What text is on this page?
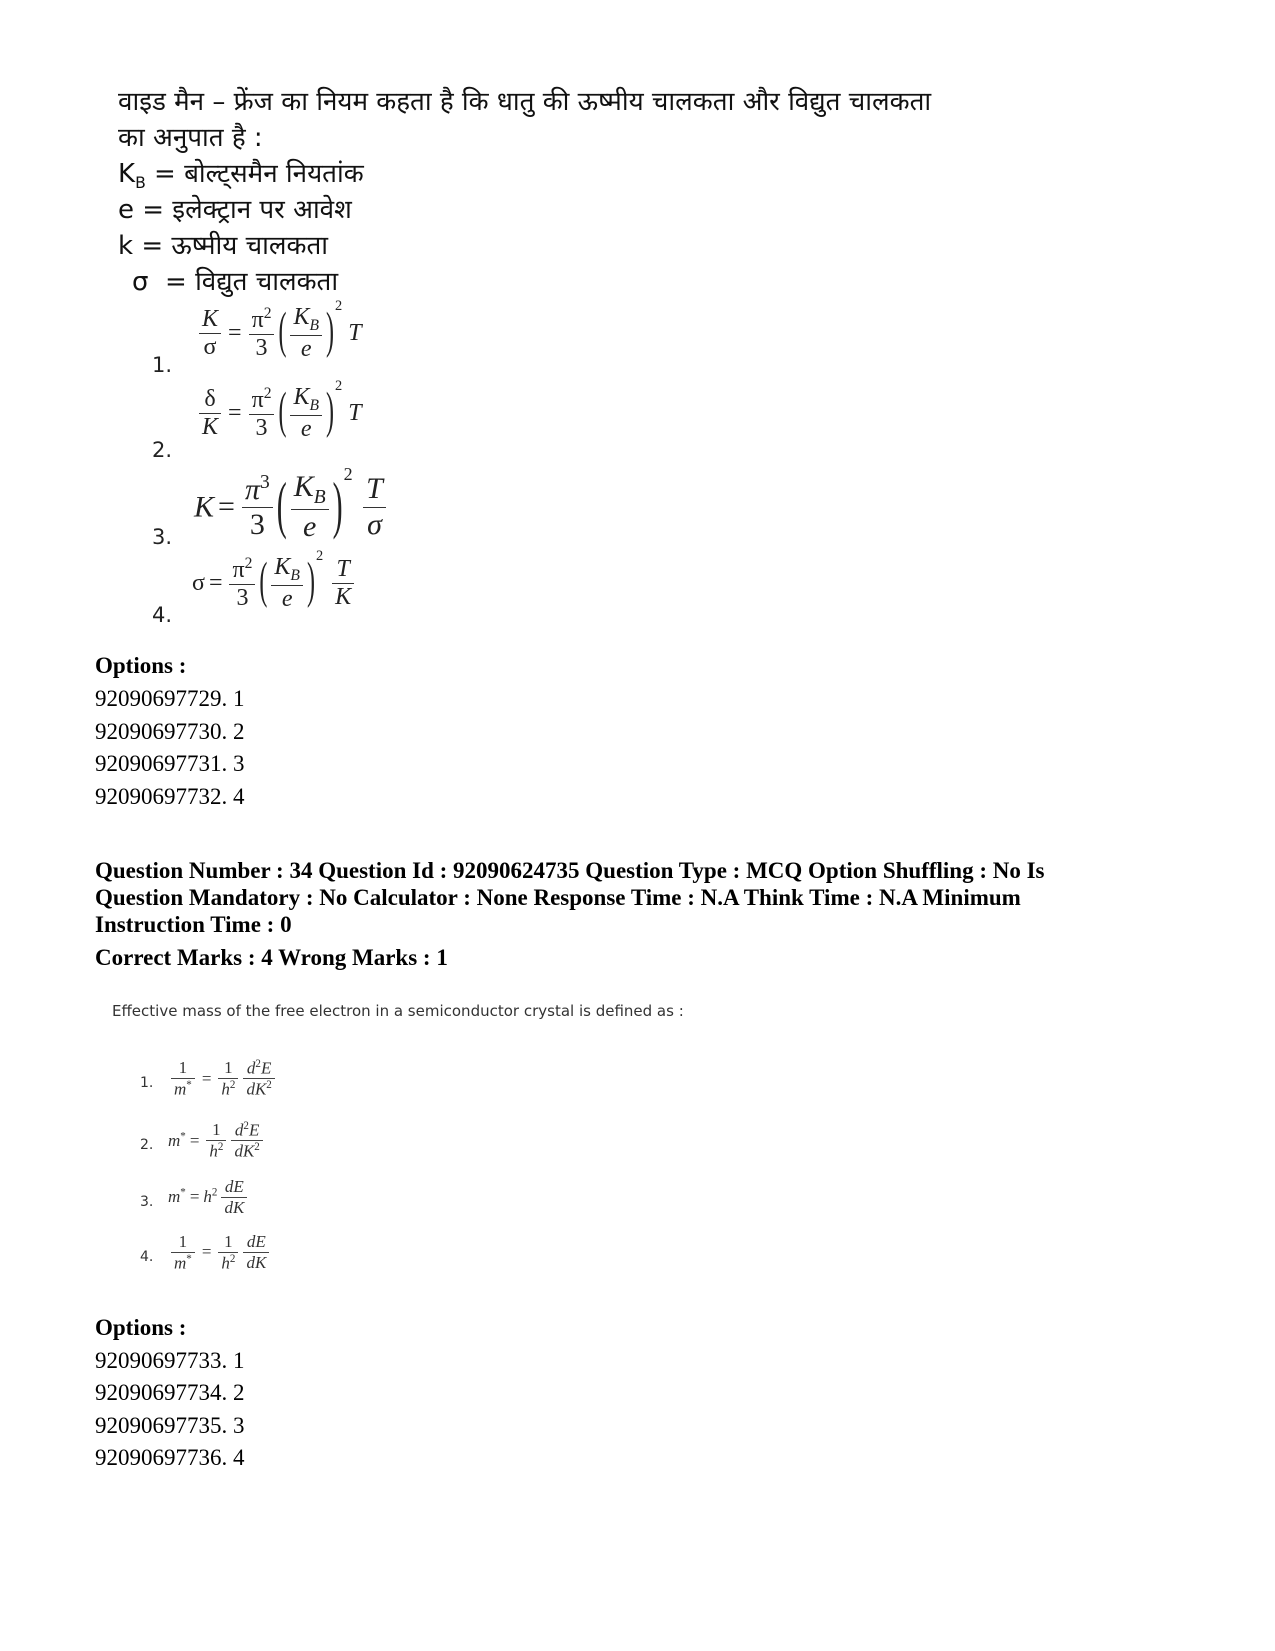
वाइड मैन – फ्रेंज का नियम कहता है कि धातु की ऊष्मीय चालकता और विद्युत चालकता
का अनुपात है :
$K_B$ = बोल्ट्समैन नियतांक
e = इलेक्ट्रान पर आवेश
k = ऊष्मीय चालकता
σ = विद्युत चालकता
1.
$\frac{K}{\sigma} = \frac{\pi^2}{3}$ ( $\frac{K_B}{e} )2$ T
2.
$\frac{\delta}{K} = \frac{\pi^2}{3}$ ( $\frac{K_B}{e} )2$ T
3.
$K = \frac{\pi^3}{3}$ ( $\frac{K_B}{e} )2 \frac{T}{\sigma}$
4.
$\sigma = \frac{\pi^2}{3}$ ( $\frac{K_B}{e} )2 \frac{T}{K}$
Options :
92090697729. 1
92090697730. 2
92090697731. 3
92090697732. 4
Question Number : 34 Question Id : 92090624735 Question Type : MCQ Option Shuffling : No Is
Question Mandatory : No Calculator : None Response Time : N.A Think Time : N.A Minimum
Instruction Time : 0
Correct Marks : 4 Wrong Marks : 1
Effective mass of the free electron in a semiconductor crystal is defined as :
1. $\frac{1}{m^*} = \frac{1}{h^2} \frac{d^2E}{dK^2}$
2. $m^* = \frac{1}{h^2} \frac{d^2E}{dK^2}$
3. $m^* = h^2 \frac{dE}{dK}$
4. $\frac{1}{m^*} = \frac{1}{h^2} \frac{dE}{dK}$
Options :
92090697733. 1
92090697734. 2
92090697735. 3
92090697736. 4
